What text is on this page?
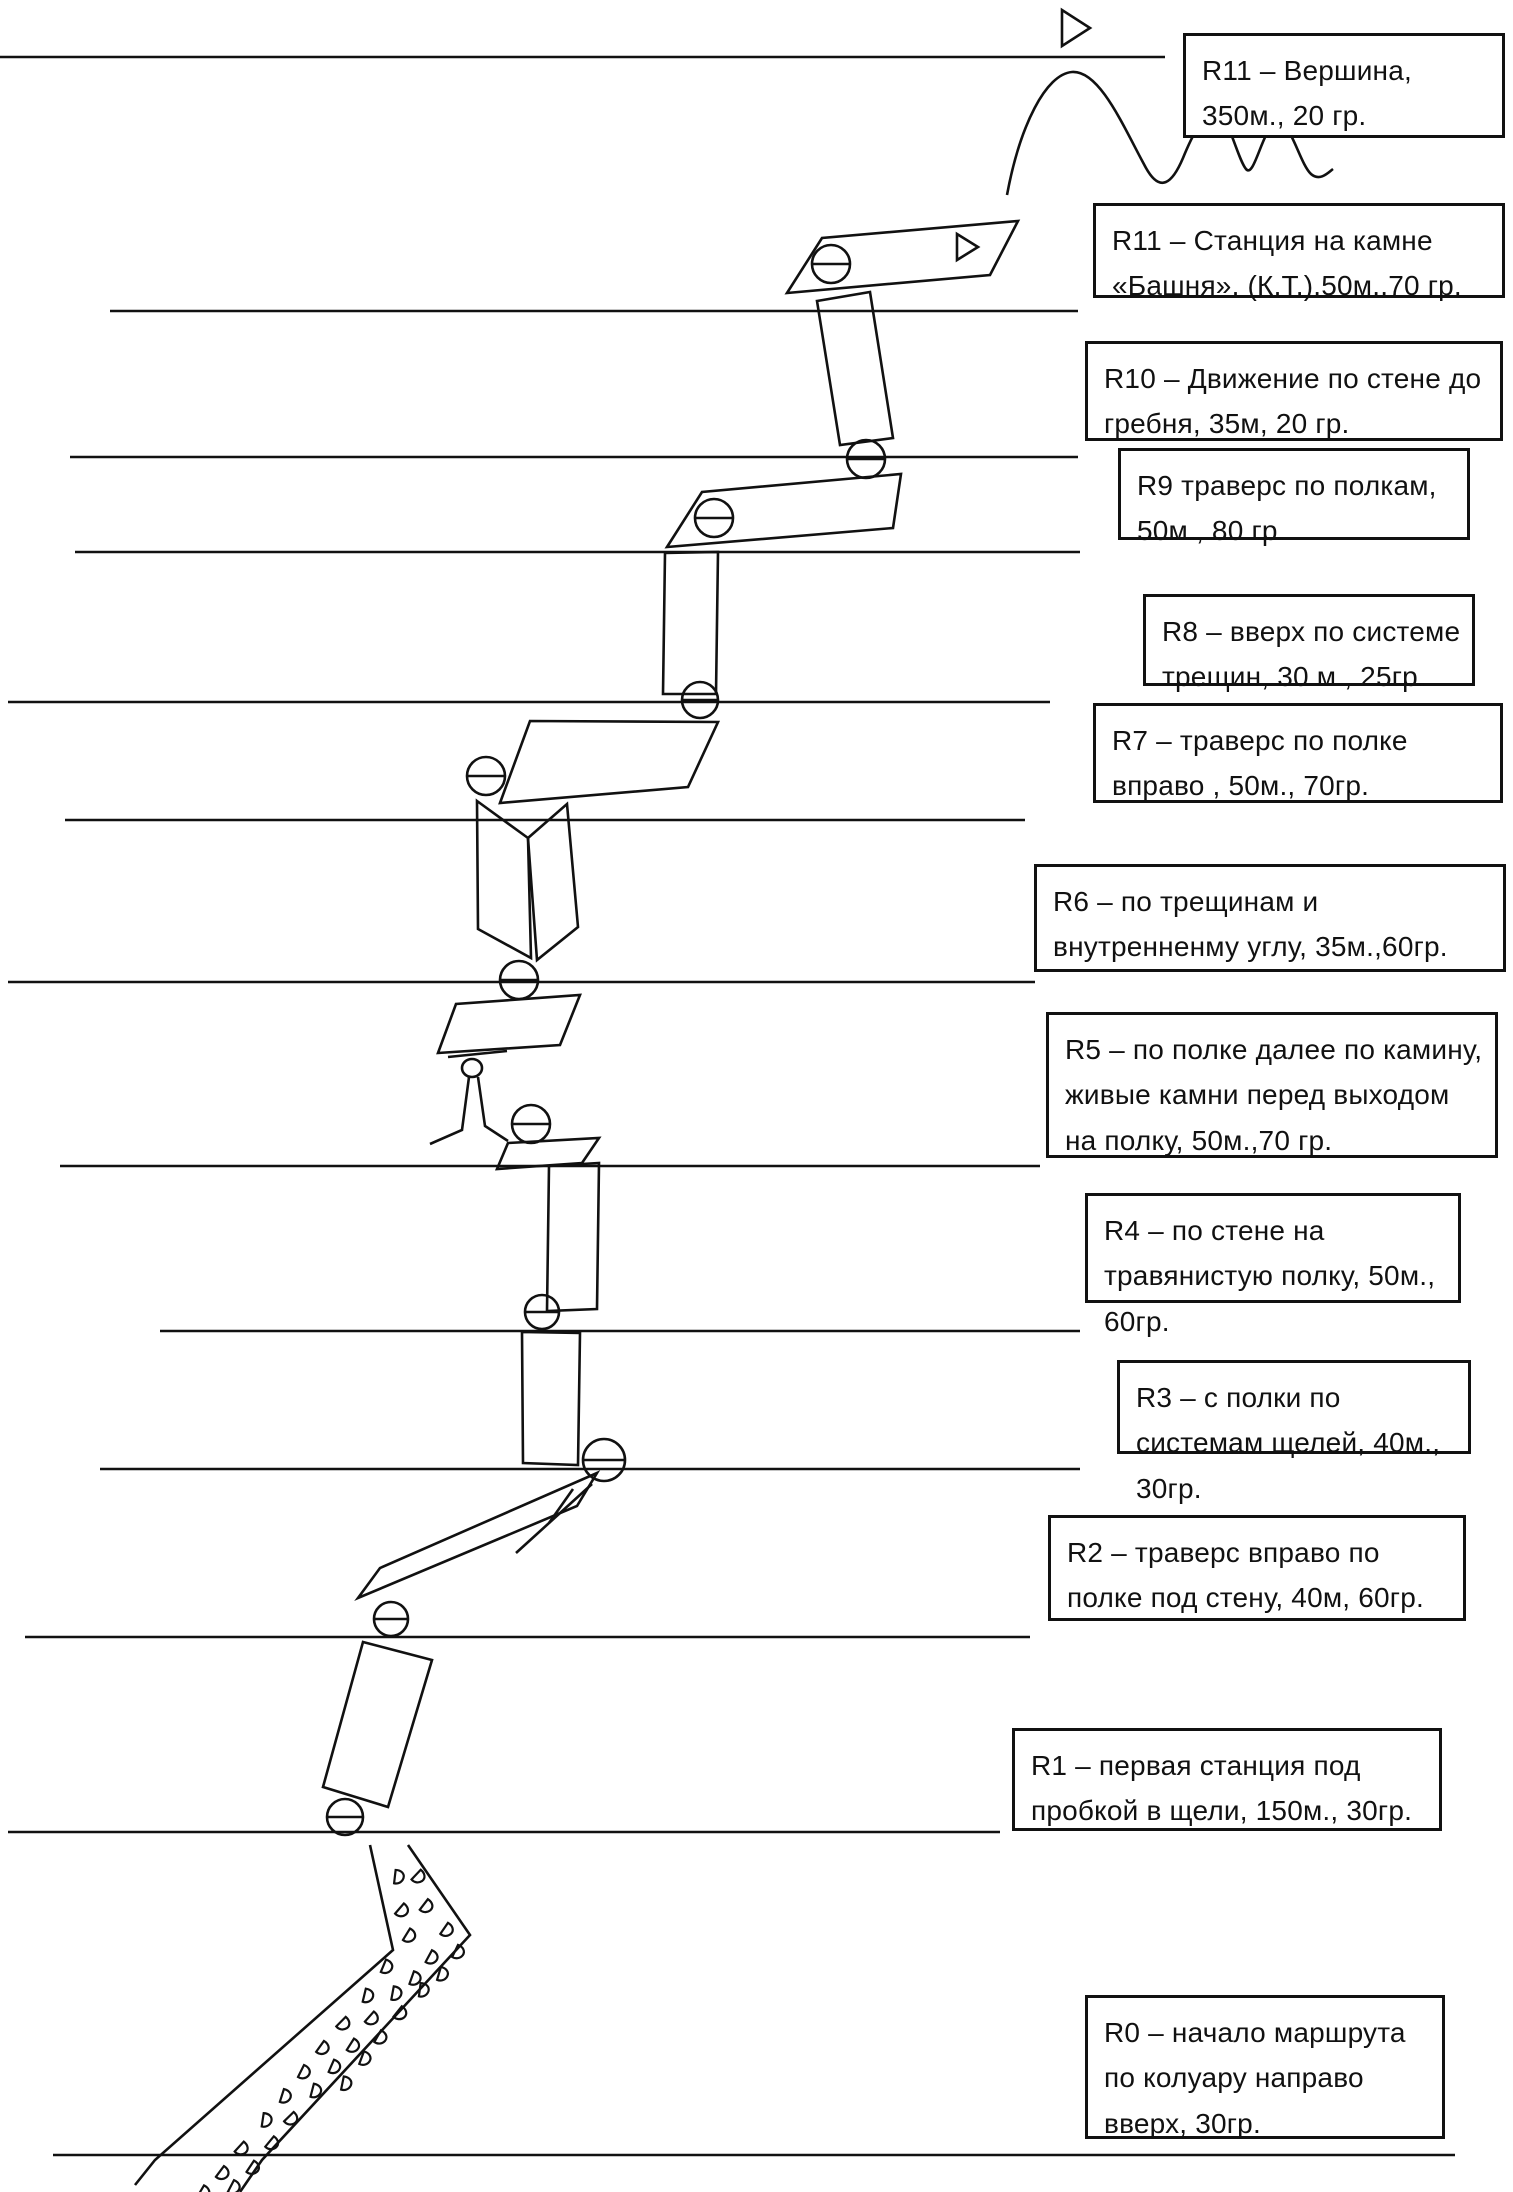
R11 – Вершина, 350м., 20 гр.
R11 – Станция на камне «Башня». (К.Т.).50м..70 гр.
R10 – Движение по стене до гребня, 35м, 20 гр.
R9 траверс по полкам, 50м., 80 гр.
R8 – вверх по системе трещин, 30 м., 25гр.
R7 – траверс по полке вправо , 50м., 70гр.
R6 – по трещинам и внутренненму углу, 35м.,60гр.
R5 – по полке далее по камину, живые камни перед выходом на полку, 50м.,70 гр.
R4 – по стене на травянистую полку, 50м., 60гр.
R3 – с полки по системам щелей, 40м., 30гр.
R2 – траверс вправо по полке под стену, 40м, 60гр.
R1 – первая станция под пробкой в щели, 150м., 30гр.
R0 – начало маршрута по колуару направо вверх, 30гр.
